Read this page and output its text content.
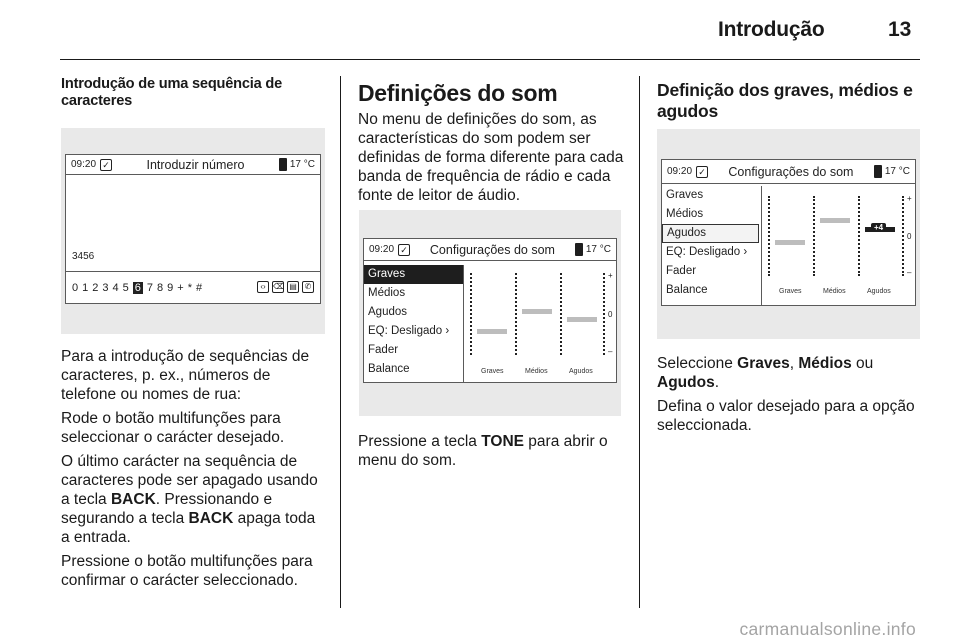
Introdução	13
Introdução de uma sequência de caracteres
09:20 ✓	Introduzir número	17 °C
3456
0 1 2 3 4 5 6 7 8 9 + * #	‹› ⌫ ▤ ✆

Para a introdução de sequências de caracteres, p. ex., números de telefone ou nomes de rua:

Rode o botão multifunções para seleccionar o carácter desejado.

O último carácter na sequência de caracteres pode ser apagado usando a tecla BACK. Pressionando e segurando a tecla BACK apaga toda a entrada.

Pressione o botão multifunções para confirmar o carácter seleccionado.

Definições do som

No menu de definições do som, as características do som podem ser definidas de forma diferente para cada banda de frequência de rádio e cada fonte de leitor de áudio.

09:20 ✓	Configurações do som	17 °C
Graves
Médios
Agudos
EQ: Desligado ›
Fader
Balance
+
0
–
Graves	Médios	Agudos

Pressione a tecla TONE para abrir o menu do som.

Definição dos graves, médios e agudos
09:20 ✓	Configurações do som	17 °C
Graves
Médios
Agudos
EQ: Desligado ›
Fader
Balance
+4
+
0
–
Graves	Médios	Agudos

Seleccione Graves, Médios ou
Agudos.

Defina o valor desejado para a opção seleccionada.

carmanualsonline.info
